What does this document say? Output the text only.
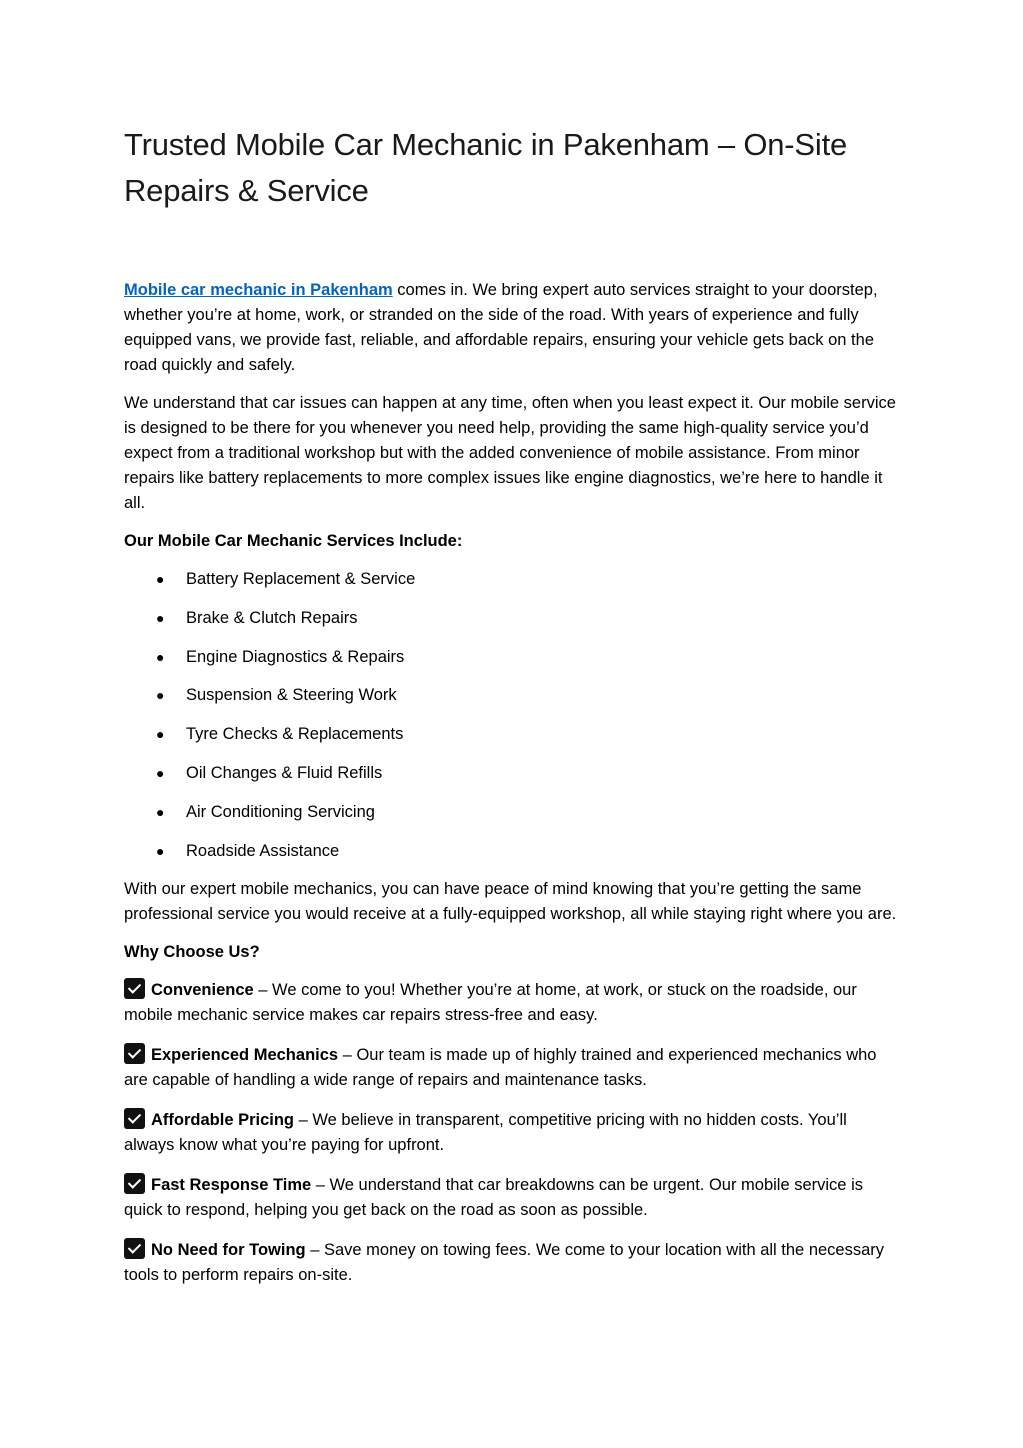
Trusted Mobile Car Mechanic in Pakenham – On-Site Repairs & Service

Mobile car mechanic in Pakenham comes in. We bring expert auto services straight to your doorstep, whether you’re at home, work, or stranded on the side of the road. With years of experience and fully equipped vans, we provide fast, reliable, and affordable repairs, ensuring your vehicle gets back on the road quickly and safely.

We understand that car issues can happen at any time, often when you least expect it. Our mobile service is designed to be there for you whenever you need help, providing the same high-quality service you’d expect from a traditional workshop but with the added convenience of mobile assistance. From minor repairs like battery replacements to more complex issues like engine diagnostics, we’re here to handle it all.

Our Mobile Car Mechanic Services Include:

● Battery Replacement & Service
● Brake & Clutch Repairs
● Engine Diagnostics & Repairs
● Suspension & Steering Work
● Tyre Checks & Replacements
● Oil Changes & Fluid Refills
● Air Conditioning Servicing
● Roadside Assistance

With our expert mobile mechanics, you can have peace of mind knowing that you’re getting the same professional service you would receive at a fully-equipped workshop, all while staying right where you are.

Why Choose Us?

Convenience – We come to you! Whether you’re at home, at work, or stuck on the roadside, our mobile mechanic service makes car repairs stress-free and easy.

Experienced Mechanics – Our team is made up of highly trained and experienced mechanics who are capable of handling a wide range of repairs and maintenance tasks.

Affordable Pricing – We believe in transparent, competitive pricing with no hidden costs. You’ll always know what you’re paying for upfront.

Fast Response Time – We understand that car breakdowns can be urgent. Our mobile service is quick to respond, helping you get back on the road as soon as possible.

No Need for Towing – Save money on towing fees. We come to your location with all the necessary tools to perform repairs on-site.
